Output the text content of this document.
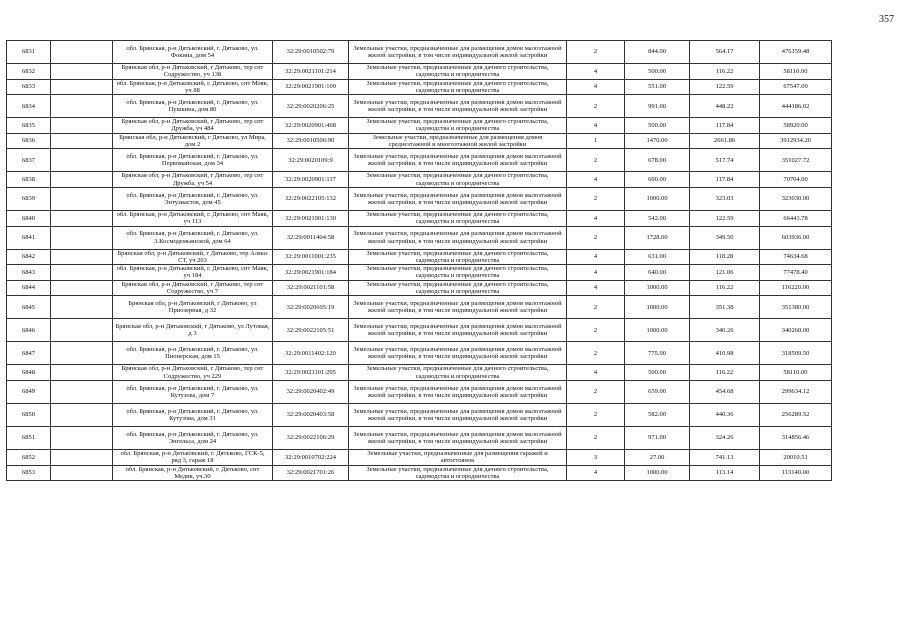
357
6831		обл. Брянская, р-н Дятьковский, г. Дятьково, ул. Фокина, дом 54	32:29:0010502:79	Земельные участки, предназначенные для размещения домов малоэтажной жилой застройки, в том числе индивидуальной жилой застройки	2	844.00	564.17	476159.48
6832		Брянская обл, р-н Дятьковский, г Дятьково, тер снт Содружество, уч 138	32:29:0021101:214	Земельные участки, предназначенные для дачного строительства, садоводства и огородничества	4	500.00	116.22	58110.00
6833		обл. Брянская, р-н Дятьковский, г. Дятьково, снт Мояк, уч 88	32:29:0021901:109	Земельные участки, предназначенные для дачного строительства, садоводства и огородничества	4	551.00	122.59	67547.09
6834		обл. Брянская, р-н Дятьковский, г. Дятьково, ул. Пушкина, дом 80	32:29:0020206:25	Земельные участки, предназначенные для размещения домов малоэтажной жилой застройки, в том числе индивидуальной жилой застройки	2	991.00	448.22	444186.02
6835		Брянская обл, р-н Дятьковский, г Дятьково, тер снт Дружба, уч 484	32:29:0020901:468	Земельные участки, предназначенные для дачного строительства, садоводства и огородничества	4	500.00	117.84	58920.00
6836		Брянская обл, р-н Дятьковский, г Дятьково, ул Мира, дом 2	32:29:0010506:90	Земельные участки, предназначенные для размещения домов среднеэтажной и многоэтажной жилой застройки	1	1470.00	2661.86	3912934.20
6837		обл. Брянская, р-н Дятьковский, г. Дятьково, ул. Первомайская, дом 34	32:29:0020109:9	Земельные участки, предназначенные для размещения домов малоэтажной жилой застройки, в том числе индивидуальной жилой застройки	2	678.00	517.74	351027.72
6838		Брянская обл, р-н Дятьковский, г Дятьково, тер снт Дружба, уч 54	32:29:0020901:117	Земельные участки, предназначенные для дачного строительства, садоводства и огородничества	4	600.00	117.84	70704.00
6839		обл. Брянская, р-н Дятьковский, г. Дятьково, ул. Энтузиастов, дом 45	32:29:0022105:132	Земельные участки, предназначенные для размещения домов малоэтажной жилой застройки, в том числе индивидуальной жилой застройки	2	1000.00	323.03	323030.00
6840		обл. Брянская, р-н Дятьковский, г. Дятьково, снт Маяк, уч 113	32:29:0021901:130	Земельные участки, предназначенные для дачного строительства, садоводства и огородничества	4	542.00	122.59	66443.78
6841		обл. Брянская, р-н Дятьковский, г. Дятьково, ул. 3.Космодемьянской, дом 64	32:29:0011404:58	Земельные участки, предназначенные для размещения домов малоэтажной жилой застройки, в том числе индивидуальной жилой застройки	2	1728.00	349.50	603936.00
6842		Брянская обл, р-н Дятьковский, г Дятьково, тер Алмаз СТ, уч 203	32:29:0011001:235	Земельные участки, предназначенные для дачного строительства, садоводства и огородничества	4	631.00	118.28	74634.68
6843		обл. Брянская, р-н Дятьковский, г. Дятьково, снт Маяк, уч 184	32:29:0021901:184	Земельные участки, предназначенные для дачного строительства, садоводства и огородничества	4	640.00	121.06	77478.40
6844		Брянская обл, р-н Дятьковский, г Дятьково, тер снт Содружество, уч 7	32:29:0021101:58	Земельные участки, предназначенные для дачного строительства, садоводства и огородничества	4	1000.00	116.22	116220.00
6845		Брянская обл, р-н Дятьковский, г Дятьково, ул Приозерная, д 32	32:29:0020605:19	Земельные участки, предназначенные для размещения домов малоэтажной жилой застройки, в том числе индивидуальной жилой застройки	2	1000.00	351.38	351380.00
6846		Брянская обл, р-н Дятьковский, г Дятьково, ул Лутовая, д 3	32:29:0022105:51	Земельные участки, предназначенные для размещения домов малоэтажной жилой застройки, в том числе индивидуальной жилой застройки	2	1000.00	340.26	340260.00
6847		обл. Брянская, р-н Дятьковский, г. Дятьково, ул. Пионерская, дом 15	32:29:0011402:120	Земельные участки, предназначенные для размещения домов малоэтажной жилой застройки, в том числе индивидуальной жилой застройки	2	775.00	410.98	318509.50
6848		Брянская обл, р-н Дятьковский, г Дятьково, тер снт Содружество, уч 229	32:29:0021101:295	Земельные участки, предназначенные для дачного строительства, садоводства и огородничества	4	500.00	116.22	58110.00
6849		обл. Брянская, р-н Дятьковский, г. Дятьково, ул. Кутузова, дом 7	32:29:0020402:49	Земельные участки, предназначенные для размещения домов малоэтажной жилой застройки, в том числе индивидуальной жилой застройки	2	659.00	454.68	299634.12
6850		обл. Брянская, р-н Дятьковский, г. Дятьково, ул. Кутузова, дом 31	32:29:0020403:58	Земельные участки, предназначенные для размещения домов малоэтажной жилой застройки, в том числе индивидуальной жилой застройки	2	582.00	440.36	256289.52
6851		обл. Брянская, р-н Дятьковский, г. Дятьково, ул. Энгельса, дом 24	32:29:0022106:29	Земельные участки, предназначенные для размещения домов малоэтажной жилой застройки, в том числе индивидуальной жилой застройки	2	971.00	324.26	314856.46
6852		обл. Брянская, р-н Дятьковский, г. Дятьково, ГСК-5, ряд 3, гараж 18	32:29:0010702:224	Земельные участки, предназначенные для размещения гаражей и автостоянок	3	27.00	741.13	20010.51
6853		обл. Брянская, р-н Дятьковский, г. Дятьково, снт Медик, уч.30	32:29:0021701:26	Земельные участки, предназначенные для дачного строительства, садоводства и огородничества	4	1000.00	113.14	113140.00
